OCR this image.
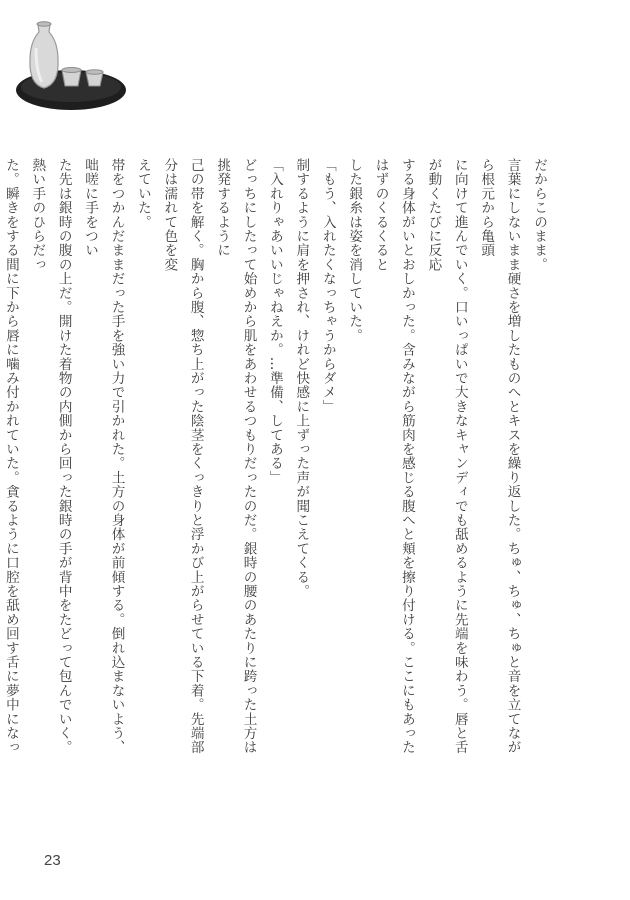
だからこのまま。

言葉にしないまま硬さを増したものへとキスを繰り返した。ちゅ、ちゅ、ちゅと音を立てながら根元から亀頭

に向けて進んでいく。口いっぱいで大きなキャンディでも舐めるように先端を味わう。唇と舌が動くたびに反応

する身体がいとおしかった。含みながら筋肉を感じる腹へと頬を擦り付ける。ここにもあったはずのくるくると

した銀糸は姿を消していた。

「もう、入れたくなっちゃうからダメ」

制するように肩を押され、けれど快感に上ずった声が聞こえてくる。

「入れりゃあいいじゃねえか。…準備、してある」

どっちにしたって始めから肌をあわせるつもりだったのだ。銀時の腰のあたりに跨った土方は挑発するように

己の帯を解く。胸から腹、惣ち上がった陰茎をくっきりと浮かび上がらせている下着。先端部分は濡れて色を変

えていた。

帯をつかんだままだった手を強い力で引かれた。土方の身体が前傾する。倒れ込まないよう、咄嗟に手をつい

た先は銀時の腹の上だ。開けた着物の内側から回った銀時の手が背中をたどって包んでいく。熱い手のひらだっ

た。瞬きをする間に下から唇に噛み付かれていた。貪るように口腔を舐め回す舌に夢中になっ

23
